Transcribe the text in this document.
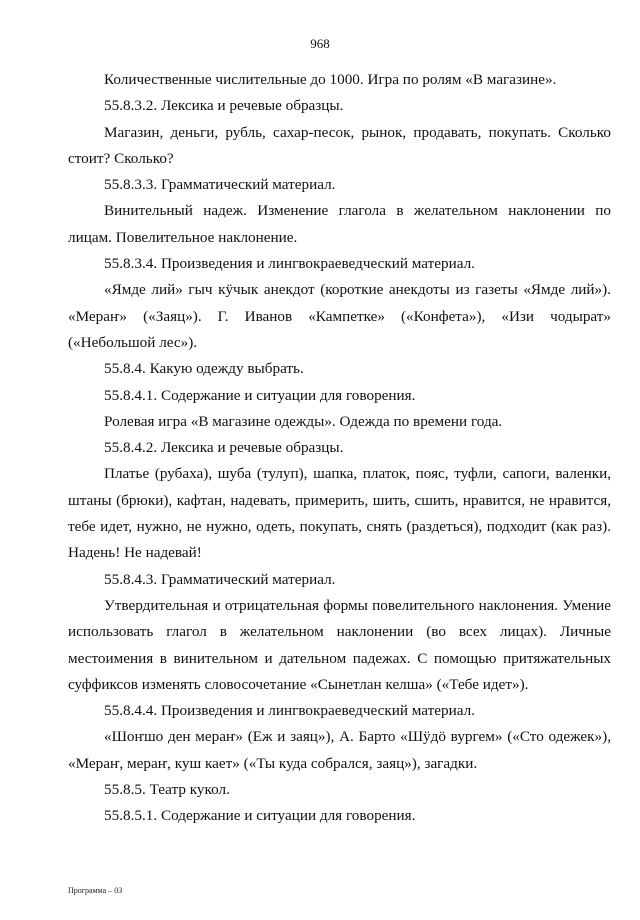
968

Количественные числительные до 1000. Игра по ролям «В магазине».

55.8.3.2. Лексика и речевые образцы.

Магазин, деньги, рубль, сахар-песок, рынок, продавать, покупать. Сколько стоит? Сколько?

55.8.3.3. Грамматический материал.

Винительный надеж. Изменение глагола в желательном наклонении по лицам. Повелительное наклонение.

55.8.3.4. Произведения и лингвокраеведческий материал.

«Ямде лий» гыч кӱчык анекдот (короткие анекдоты из газеты «Ямде лий»). «Мераҥ» («Заяц»). Г. Иванов «Кампетке» («Конфета»), «Изи чодырат» («Небольшой лес»).

55.8.4. Какую одежду выбрать.

55.8.4.1. Содержание и ситуации для говорения.

Ролевая игра «В магазине одежды». Одежда по времени года.

55.8.4.2. Лексика и речевые образцы.

Платье (рубаха), шуба (тулуп), шапка, платок, пояс, туфли, сапоги, валенки, штаны (брюки), кафтан, надевать, примерить, шить, сшить, нравится, не нравится, тебе идет, нужно, не нужно, одеть, покупать, снять (раздеться), подходит (как раз). Надень! Не надевай!

55.8.4.3. Грамматический материал.

Утвердительная и отрицательная формы повелительного наклонения. Умение использовать глагол в желательном наклонении (во всех лицах). Личные местоимения в винительном и дательном падежах. С помощью притяжательных суффиксов изменять словосочетание «Сынетлан келша» («Тебе идет»).

55.8.4.4. Произведения и лингвокраеведческий материал.

«Шоҥшо ден мераҥ» (Еж и заяц»), А. Барто «Шӱдӧ вургем» («Сто одежек»), «Мераҥ, мераҥ, куш кает» («Ты куда собрался, заяц»), загадки.

55.8.5. Театр кукол.

55.8.5.1. Содержание и ситуации для говорения.

Программа – 03
